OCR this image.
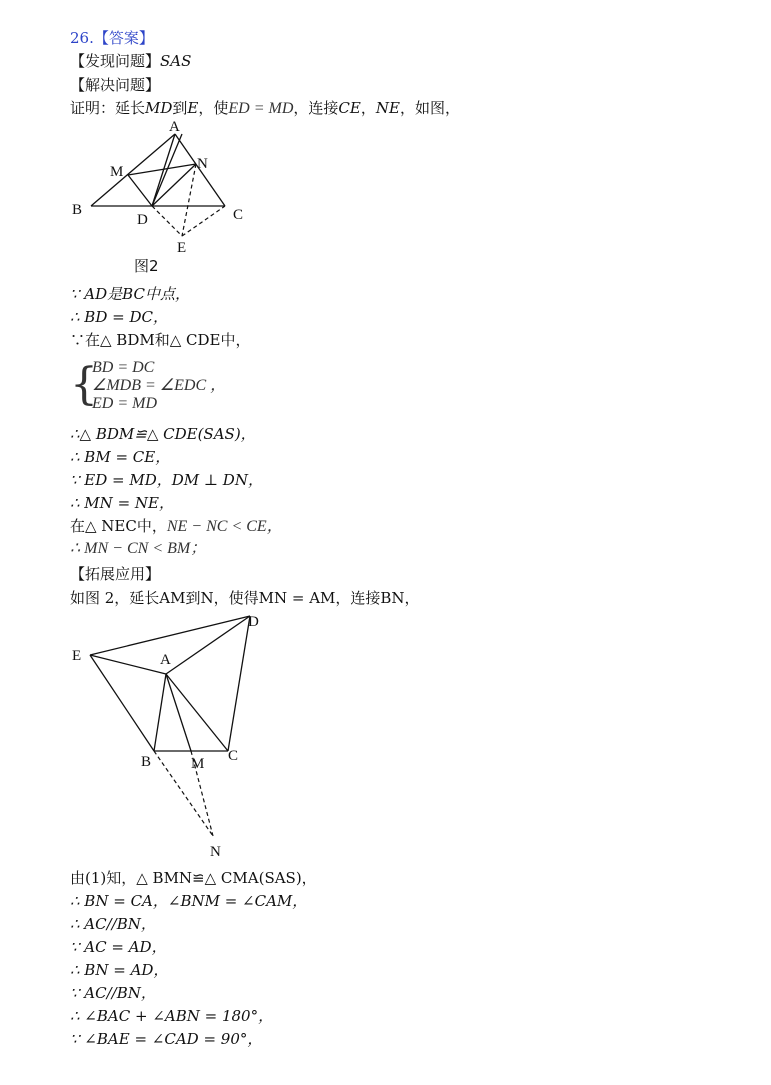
26.【答案】
【发现问题】SAS
【解决问题】
证明：延长MD到E，使ED = MD，连接CE，NE，如图，
A
M	N
B
D	C
E
图2
∵ AD是BC中点，
∴ BD = DC，
∵在△ BDM和△ CDE中，
{
BD = DC
∠MDB = ∠EDC ，
ED = MD
∴△ BDM≌△ CDE(SAS)，
∴ BM = CE，
∵ ED = MD，DM ⊥ DN，
∴ MN = NE，
在△ NEC中，NE − NC < CE，
∴ MN − CN < BM；
【拓展应用】
如图 2，延长AM到N，使得MN = AM，连接BN，
D
E	A
B	M C
N
由(1)知，△ BMN≌△ CMA(SAS)，
∴ BN = CA，∠BNM = ∠CAM，
∴ AC//BN，
∵ AC = AD，
∴ BN = AD，
∵ AC//BN，
∴ ∠BAC + ∠ABN = 180°，
∵ ∠BAE = ∠CAD = 90°，
